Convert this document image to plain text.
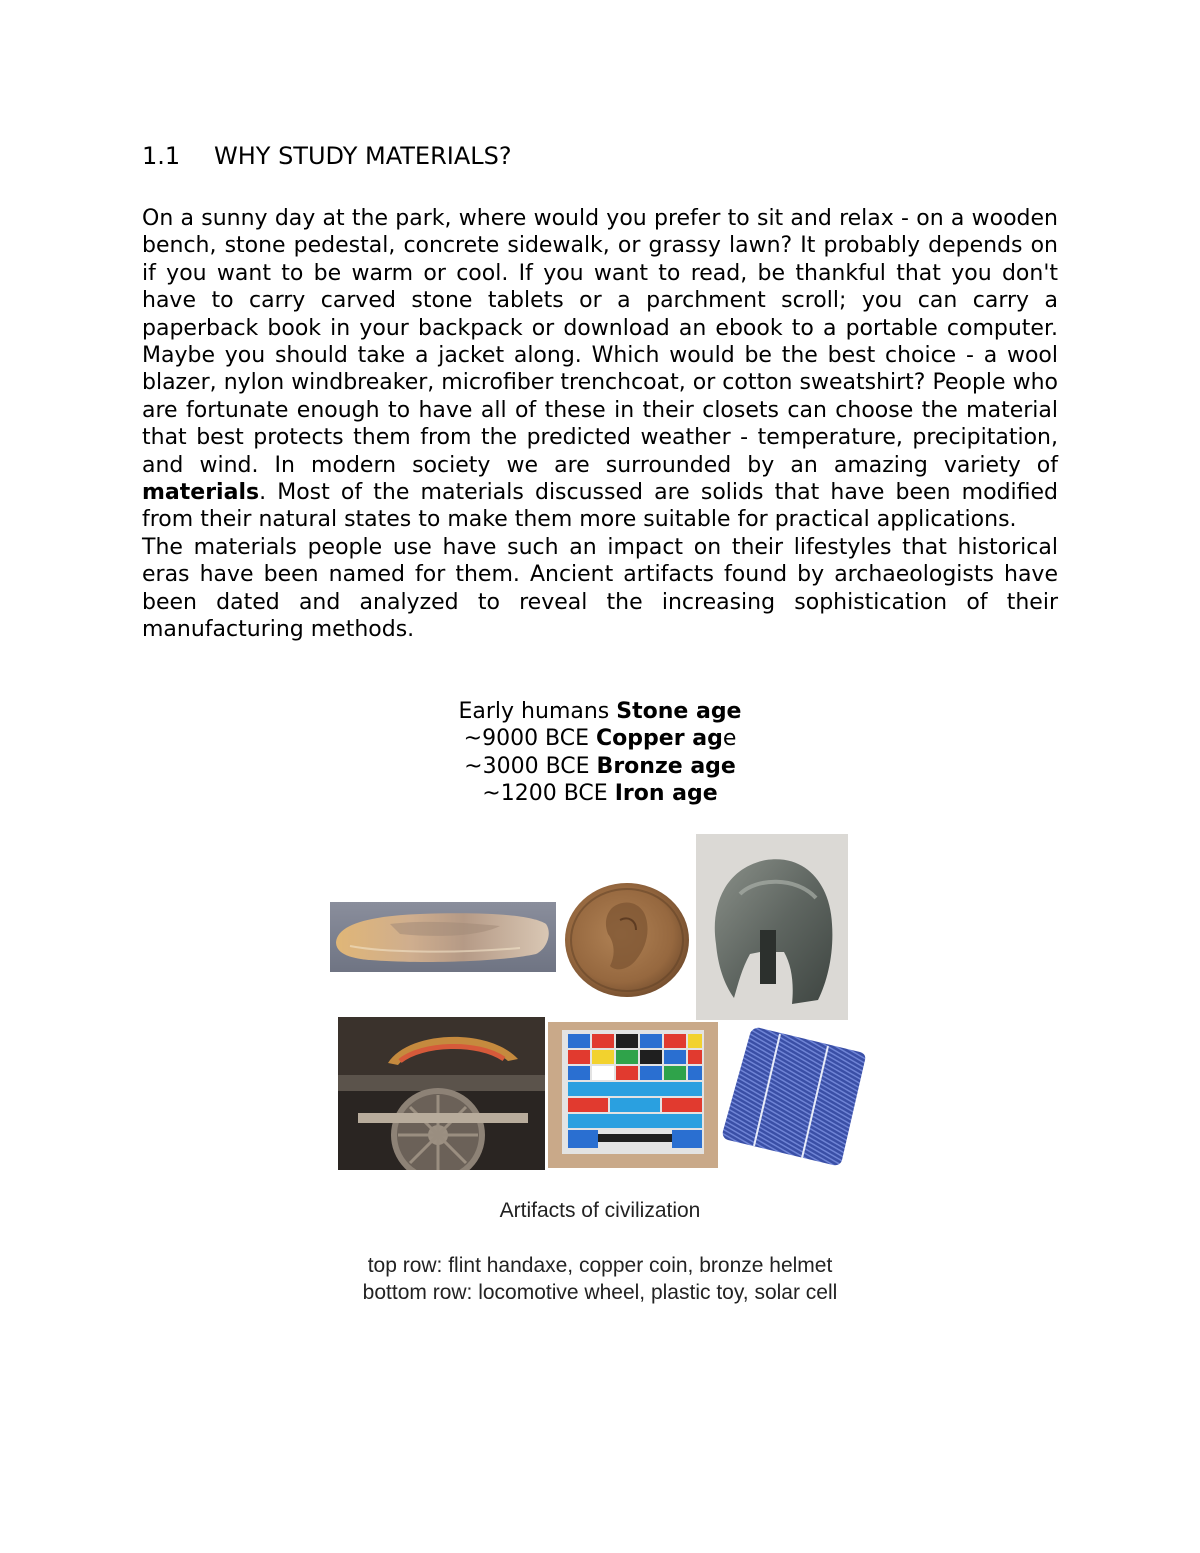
1.1 WHY STUDY MATERIALS?

On a sunny day at the park, where would you prefer to sit and relax - on a wooden bench, stone pedestal, concrete sidewalk, or grassy lawn? It probably depends on if you want to be warm or cool. If you want to read, be thankful that you don't have to carry carved stone tablets or a parchment scroll; you can carry a paperback book in your backpack or download an ebook to a portable computer. Maybe you should take a jacket along. Which would be the best choice - a wool blazer, nylon windbreaker, microfiber trenchcoat, or cotton sweatshirt? People who are fortunate enough to have all of these in their closets can choose the material that best protects them from the predicted weather - temperature, precipitation, and wind. In modern society we are surrounded by an amazing variety of materials. Most of the materials discussed are solids that have been modified from their natural states to make them more suitable for practical applications.

The materials people use have such an impact on their lifestyles that historical eras have been named for them. Ancient artifacts found by archaeologists have been dated and analyzed to reveal the increasing sophistication of their manufacturing methods.

Early humans Stone age
~9000 BCE Copper age
~3000 BCE Bronze age
~1200 BCE Iron age
Artifacts of civilization
top row: flint handaxe, copper coin, bronze helmet
bottom row: locomotive wheel, plastic toy, solar cell
